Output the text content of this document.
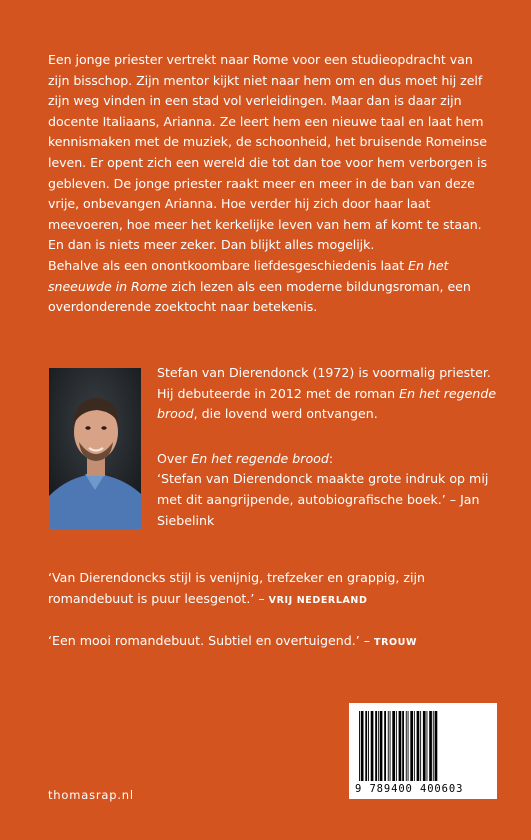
Een jonge priester vertrekt naar Rome voor een studieopdracht van zijn bisschop. Zijn mentor kijkt niet naar hem om en dus moet hij zelf zijn weg vinden in een stad vol verleidingen. Maar dan is daar zijn docente Italiaans, Arianna. Ze leert hem een nieuwe taal en laat hem kennismaken met de muziek, de schoonheid, het bruisende Romeinse leven. Er opent zich een wereld die tot dan toe voor hem verborgen is gebleven. De jonge priester raakt meer en meer in de ban van deze vrije, onbevangen Arianna. Hoe verder hij zich door haar laat meevoeren, hoe meer het kerkelijke leven van hem af komt te staan. En dan is niets meer zeker. Dan blijkt alles mogelijk.

Behalve als een onontkoombare liefdesgeschiedenis laat En het sneeuwde in Rome zich lezen als een moderne bildungsroman, een overdonderende zoektocht naar betekenis.

Stefan van Dierendonck (1972) is voormalig priester. Hij debuteerde in 2012 met de roman En het regende brood, die lovend werd ontvangen.

Over En het regende brood:

‘Stefan van Dierendonck maakte grote indruk op mij met dit aangrijpende, autobiografische boek.’ – Jan Siebelink

‘Van Dierendoncks stijl is venijnig, trefzeker en grappig, zijn romandebuut is puur leesgenot.’ – VRIJ NEDERLAND
‘Een mooi romandebuut. Subtiel en overtuigend.’ – TROUW
thomasrap.nl	9 789400 400603
